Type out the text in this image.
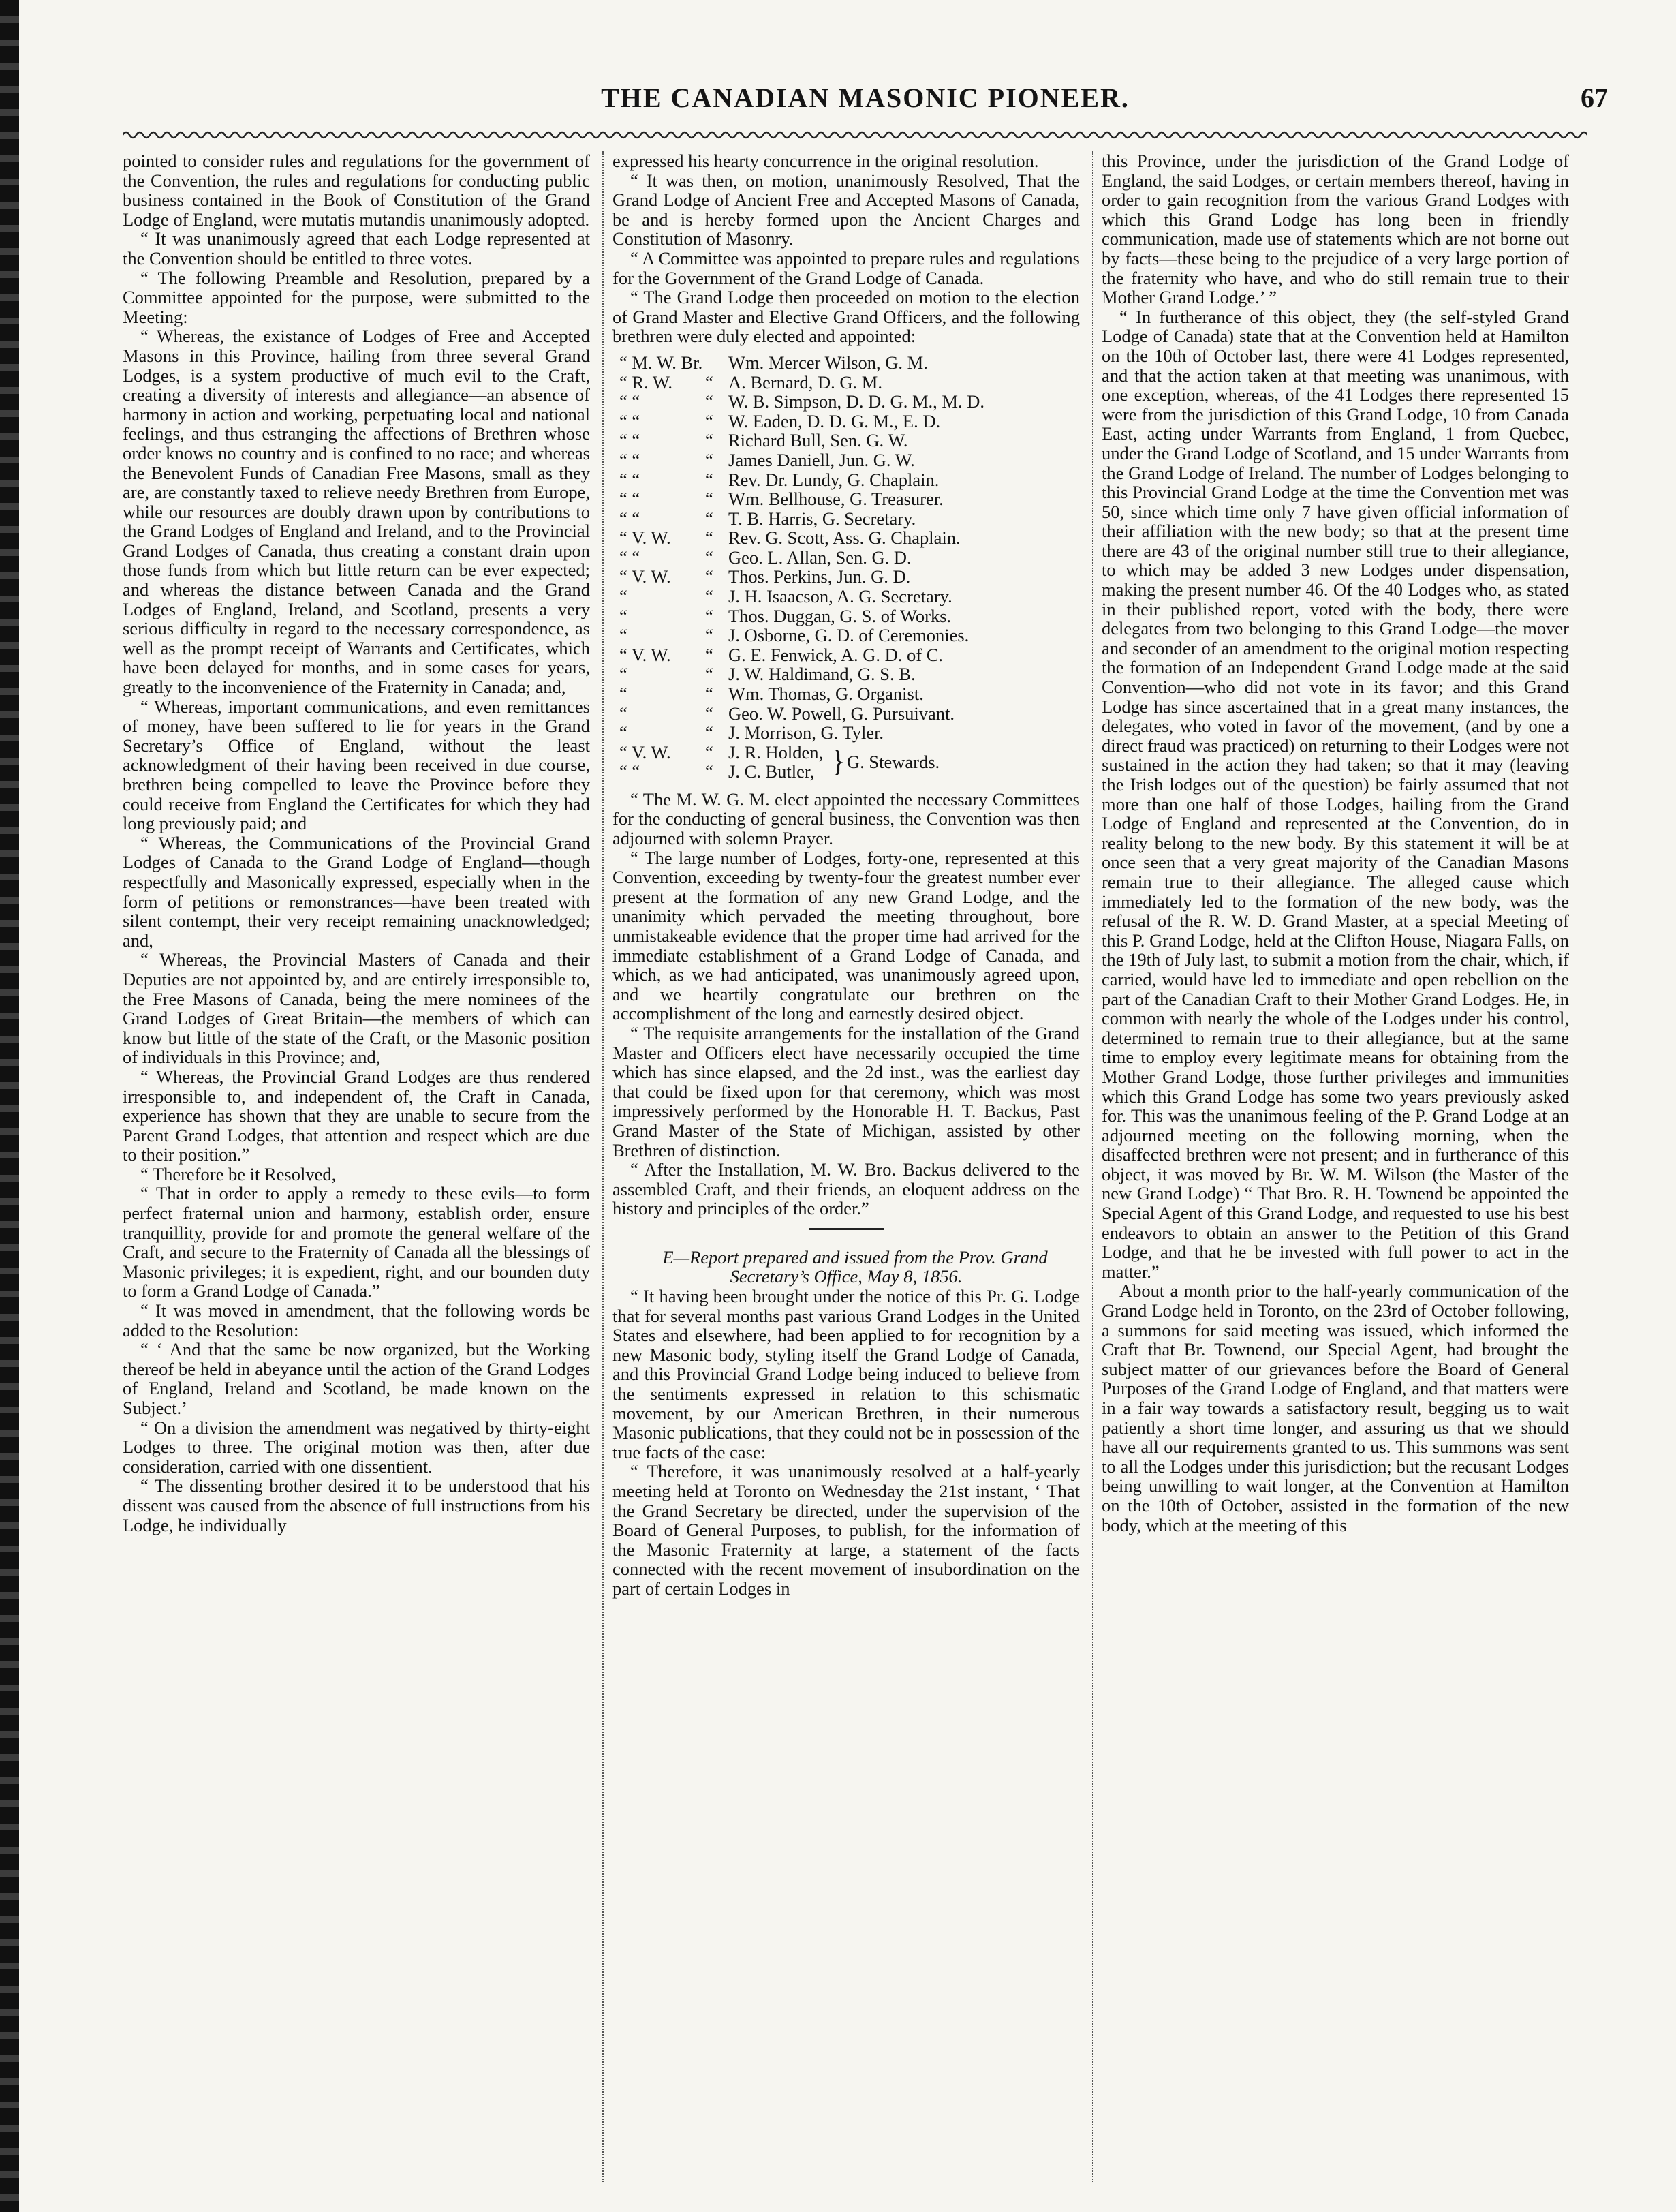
THE CANADIAN MASONIC PIONEER.	67

pointed to consider rules and regulations for the government of the Convention, the rules and regulations for conducting public business contained in the Book of Constitution of the Grand Lodge of England, were mutatis mutandis unanimously adopted.

“ It was unanimously agreed that each Lodge represented at the Convention should be entitled to three votes.

“ The following Preamble and Resolution, prepared by a Committee appointed for the purpose, were submitted to the Meeting:

“ Whereas, the existance of Lodges of Free and Accepted Masons in this Province, hailing from three several Grand Lodges, is a system productive of much evil to the Craft, creating a diversity of interests and allegiance—an absence of harmony in action and working, perpetuating local and national feelings, and thus estranging the affections of Brethren whose order knows no country and is confined to no race; and whereas the Benevolent Funds of Canadian Free Masons, small as they are, are constantly taxed to relieve needy Brethren from Europe, while our resources are doubly drawn upon by contributions to the Grand Lodges of England and Ireland, and to the Provincial Grand Lodges of Canada, thus creating a constant drain upon those funds from which but little return can be ever expected; and whereas the distance between Canada and the Grand Lodges of England, Ireland, and Scotland, presents a very serious difficulty in regard to the necessary correspondence, as well as the prompt receipt of Warrants and Certificates, which have been delayed for months, and in some cases for years, greatly to the inconvenience of the Fraternity in Canada; and,

“ Whereas, important communications, and even remittances of money, have been suffered to lie for years in the Grand Secretary’s Office of England, without the least acknowledgment of their having been received in due course, brethren being compelled to leave the Province before they could receive from England the Certificates for which they had long previously paid; and

“ Whereas, the Communications of the Provincial Grand Lodges of Canada to the Grand Lodge of England—though respectfully and Masonically expressed, especially when in the form of petitions or remonstrances—have been treated with silent contempt, their very receipt remaining unacknowledged; and,

“ Whereas, the Provincial Masters of Canada and their Deputies are not appointed by, and are entirely irresponsible to, the Free Masons of Canada, being the mere nominees of the Grand Lodges of Great Britain—the members of which can know but little of the state of the Craft, or the Masonic position of individuals in this Province; and,

“ Whereas, the Provincial Grand Lodges are thus rendered irresponsible to, and independent of, the Craft in Canada, experience has shown that they are unable to secure from the Parent Grand Lodges, that attention and respect which are due to their position.”

“ Therefore be it Resolved,

“ That in order to apply a remedy to these evils—to form perfect fraternal union and harmony, establish order, ensure tranquillity, provide for and promote the general welfare of the Craft, and secure to the Fraternity of Canada all the blessings of Masonic privileges; it is expedient, right, and our bounden duty to form a Grand Lodge of Canada.”

“ It was moved in amendment, that the following words be added to the Resolution:

“ ‘ And that the same be now organized, but the Working thereof be held in abeyance until the action of the Grand Lodges of England, Ireland and Scotland, be made known on the Subject.’

“ On a division the amendment was negatived by thirty-eight Lodges to three. The original motion was then, after due consideration, carried with one dissentient.

“ The dissenting brother desired it to be understood that his dissent was caused from the absence of full instructions from his Lodge, he individually

expressed his hearty concurrence in the original resolution.

“ It was then, on motion, unanimously Resolved, That the Grand Lodge of Ancient Free and Accepted Masons of Canada, be and is hereby formed upon the Ancient Charges and Constitution of Masonry.

“ A Committee was appointed to prepare rules and regulations for the Government of the Grand Lodge of Canada.

“ The Grand Lodge then proceeded on motion to the election of Grand Master and Elective Grand Officers, and the following brethren were duly elected and appointed:

“ M. W. Br. Wm. Mercer Wilson, G. M.
“ R. W.	“ A. Bernard, D. G. M.
“ “	“ W. B. Simpson, D. D. G. M., M. D.
“ “	“ W. Eaden, D. D. G. M., E. D.
“ “	“ Richard Bull, Sen. G. W.
“ “	“ James Daniell, Jun. G. W.
“ “	“ Rev. Dr. Lundy, G. Chaplain.
“ “	“ Wm. Bellhouse, G. Treasurer.
“ “	“ T. B. Harris, G. Secretary.
“ V. W.	“ Rev. G. Scott, Ass. G. Chaplain.
“ “	“ Geo. L. Allan, Sen. G. D.
“ V. W.	“ Thos. Perkins, Jun. G. D.
“	“ J. H. Isaacson, A. G. Secretary.
“	“ Thos. Duggan, G. S. of Works.
“	“ J. Osborne, G. D. of Ceremonies.
“ V. W.	“ G. E. Fenwick, A. G. D. of C.
“	“ J. W. Haldimand, G. S. B.
“	“ Wm. Thomas, G. Organist.
“	“ Geo. W. Powell, G. Pursuivant.
“	“ J. Morrison, G. Tyler.
“ V. W.	“ J. R. Holden,
“ “	“ J. C. Butler, } G. Stewards.

“ The M. W. G. M. elect appointed the necessary Committees for the conducting of general business, the Convention was then adjourned with solemn Prayer.

“ The large number of Lodges, forty-one, represented at this Convention, exceeding by twenty-four the greatest number ever present at the formation of any new Grand Lodge, and the unanimity which pervaded the meeting throughout, bore unmistakeable evidence that the proper time had arrived for the immediate establishment of a Grand Lodge of Canada, and which, as we had anticipated, was unanimously agreed upon, and we heartily congratulate our brethren on the accomplishment of the long and earnestly desired object.

“ The requisite arrangements for the installation of the Grand Master and Officers elect have necessarily occupied the time which has since elapsed, and the 2d inst., was the earliest day that could be fixed upon for that ceremony, which was most impressively performed by the Honorable H. T. Backus, Past Grand Master of the State of Michigan, assisted by other Brethren of distinction.

“ After the Installation, M. W. Bro. Backus delivered to the assembled Craft, and their friends, an eloquent address on the history and principles of the order.”

E—Report prepared and issued from the Prov. Grand Secretary’s Office, May 8, 1856.

“ It having been brought under the notice of this Pr. G. Lodge that for several months past various Grand Lodges in the United States and elsewhere, had been applied to for recognition by a new Masonic body, styling itself the Grand Lodge of Canada, and this Provincial Grand Lodge being induced to believe from the sentiments expressed in relation to this schismatic movement, by our American Brethren, in their numerous Masonic publications, that they could not be in possession of the true facts of the case:

“ Therefore, it was unanimously resolved at a half-yearly meeting held at Toronto on Wednesday the 21st instant, ‘ That the Grand Secretary be directed, under the supervision of the Board of General Purposes, to publish, for the information of the Masonic Fraternity at large, a statement of the facts connected with the recent movement of insubordination on the part of certain Lodges in

this Province, under the jurisdiction of the Grand Lodge of England, the said Lodges, or certain members thereof, having in order to gain recognition from the various Grand Lodges with which this Grand Lodge has long been in friendly communication, made use of statements which are not borne out by facts—these being to the prejudice of a very large portion of the fraternity who have, and who do still remain true to their Mother Grand Lodge.’ ”

“ In furtherance of this object, they (the self-styled Grand Lodge of Canada) state that at the Convention held at Hamilton on the 10th of October last, there were 41 Lodges represented, and that the action taken at that meeting was unanimous, with one exception, whereas, of the 41 Lodges there represented 15 were from the jurisdiction of this Grand Lodge, 10 from Canada East, acting under Warrants from England, 1 from Quebec, under the Grand Lodge of Scotland, and 15 under Warrants from the Grand Lodge of Ireland. The number of Lodges belonging to this Provincial Grand Lodge at the time the Convention met was 50, since which time only 7 have given official information of their affiliation with the new body; so that at the present time there are 43 of the original number still true to their allegiance, to which may be added 3 new Lodges under dispensation, making the present number 46. Of the 40 Lodges who, as stated in their published report, voted with the body, there were delegates from two belonging to this Grand Lodge—the mover and seconder of an amendment to the original motion respecting the formation of an Independent Grand Lodge made at the said Convention—who did not vote in its favor; and this Grand Lodge has since ascertained that in a great many instances, the delegates, who voted in favor of the movement, (and by one a direct fraud was practiced) on returning to their Lodges were not sustained in the action they had taken; so that it may (leaving the Irish lodges out of the question) be fairly assumed that not more than one half of those Lodges, hailing from the Grand Lodge of England and represented at the Convention, do in reality belong to the new body. By this statement it will be at once seen that a very great majority of the Canadian Masons remain true to their allegiance. The alleged cause which immediately led to the formation of the new body, was the refusal of the R. W. D. Grand Master, at a special Meeting of this P. Grand Lodge, held at the Clifton House, Niagara Falls, on the 19th of July last, to submit a motion from the chair, which, if carried, would have led to immediate and open rebellion on the part of the Canadian Craft to their Mother Grand Lodges. He, in common with nearly the whole of the Lodges under his control, determined to remain true to their allegiance, but at the same time to employ every legitimate means for obtaining from the Mother Grand Lodge, those further privileges and immunities which this Grand Lodge has some two years previously asked for. This was the unanimous feeling of the P. Grand Lodge at an adjourned meeting on the following morning, when the disaffected brethren were not present; and in furtherance of this object, it was moved by Br. W. M. Wilson (the Master of the new Grand Lodge) “ That Bro. R. H. Townend be appointed the Special Agent of this Grand Lodge, and requested to use his best endeavors to obtain an answer to the Petition of this Grand Lodge, and that he be invested with full power to act in the matter.”

About a month prior to the half-yearly communication of the Grand Lodge held in Toronto, on the 23rd of October following, a summons for said meeting was issued, which informed the Craft that Br. Townend, our Special Agent, had brought the subject matter of our grievances before the Board of General Purposes of the Grand Lodge of England, and that matters were in a fair way towards a satisfactory result, begging us to wait patiently a short time longer, and assuring us that we should have all our requirements granted to us. This summons was sent to all the Lodges under this jurisdiction; but the recusant Lodges being unwilling to wait longer, at the Convention at Hamilton on the 10th of October, assisted in the formation of the new body, which at the meeting of this
